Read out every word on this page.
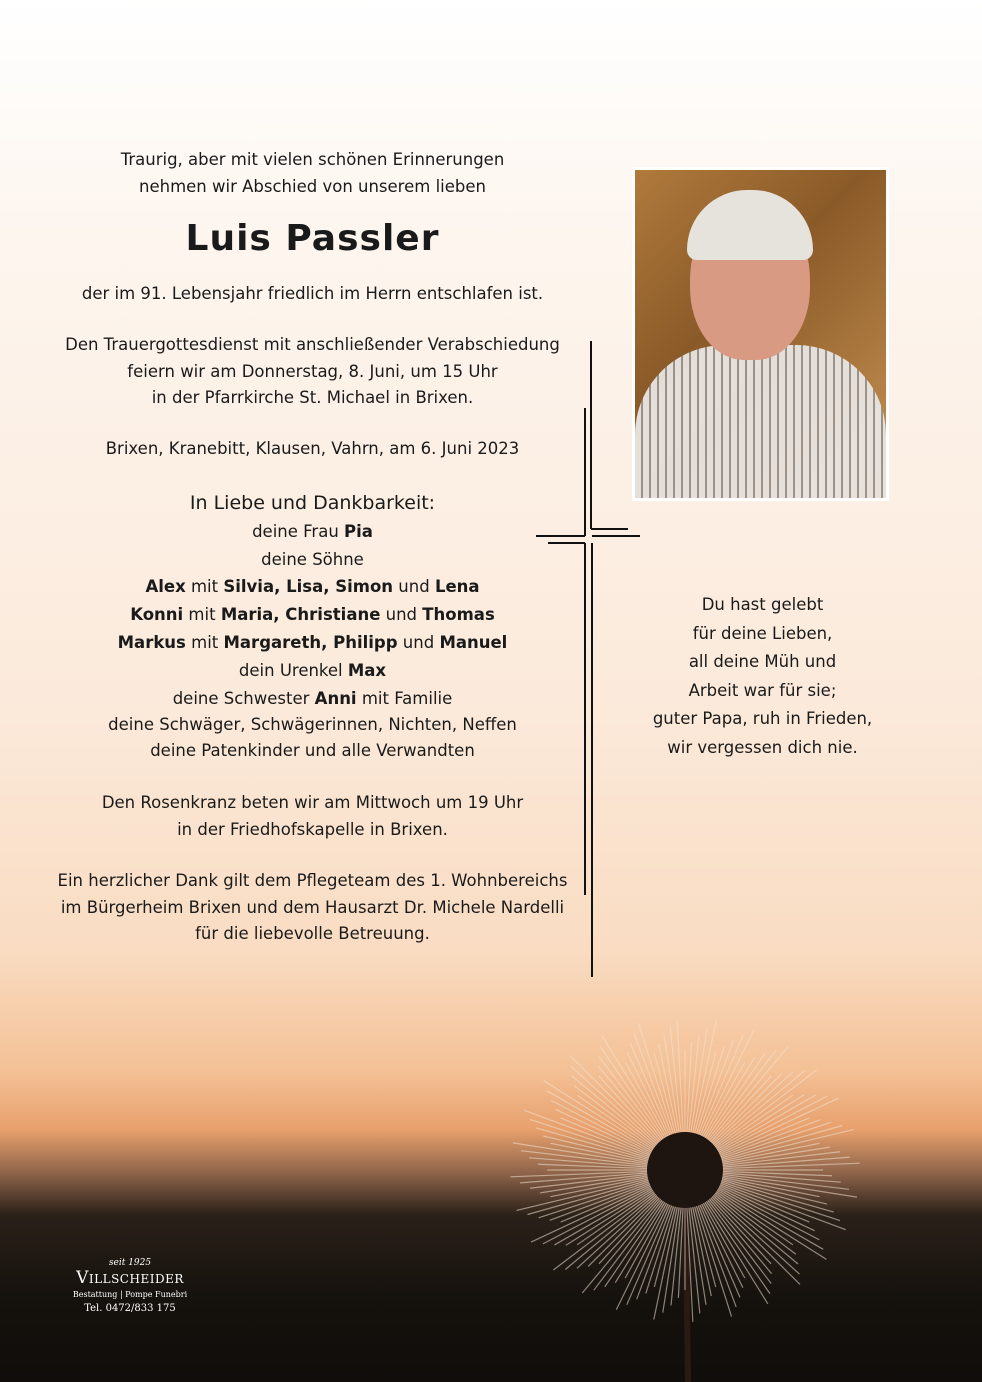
Traurig, aber mit vielen schönen Erinnerungen
nehmen wir Abschied von unserem lieben
Luis Passler
der im 91. Lebensjahr friedlich im Herrn entschlafen ist.
Den Trauergottesdienst mit anschließender Verabschiedung
feiern wir am Donnerstag, 8. Juni, um 15 Uhr
in der Pfarrkirche St. Michael in Brixen.
Brixen, Kranebitt, Klausen, Vahrn, am 6. Juni 2023
In Liebe und Dankbarkeit:
deine Frau Pia
deine Söhne
Alex mit Silvia, Lisa, Simon und Lena
Konni mit Maria, Christiane und Thomas
Markus mit Margareth, Philipp und Manuel
dein Urenkel Max
deine Schwester Anni mit Familie
deine Schwäger, Schwägerinnen, Nichten, Neffen
deine Patenkinder und alle Verwandten
Den Rosenkranz beten wir am Mittwoch um 19 Uhr
in der Friedhofskapelle in Brixen.
Ein herzlicher Dank gilt dem Pflegeteam des 1. Wohnbereichs
im Bürgerheim Brixen und dem Hausarzt Dr. Michele Nardelli
für die liebevolle Betreuung.
Du hast gelebt
für deine Lieben,
all deine Müh und
Arbeit war für sie;
guter Papa, ruh in Frieden,
wir vergessen dich nie.
seit 1925
Villscheider
Bestattung | Pompe Funebri
Tel. 0472/833 175
